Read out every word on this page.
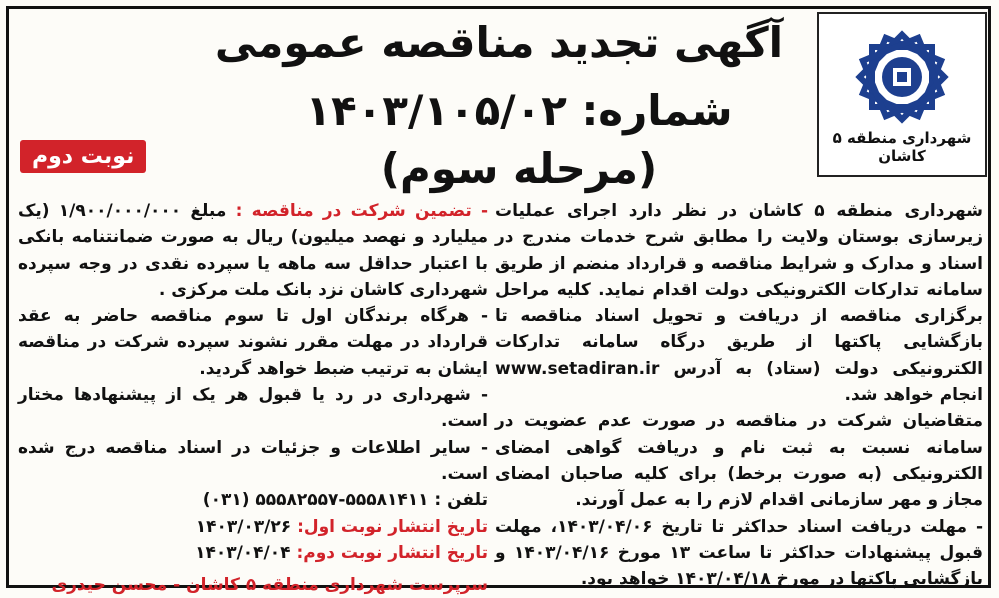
شهرداری منطقه ۵ کاشان
آگهی تجدید مناقصه عمومی
شماره: ۱۴۰۳/۱۰۵/۰۲ (مرحله سوم)
نوبت دوم

شهرداری منطقه ۵ کاشان در نظر دارد اجرای عملیات زیرسازی بوستان ولایت را مطابق شرح خدمات مندرج در اسناد و مدارک و شرایط مناقصه و قرارداد منضم از طریق سامانه تدارکات الکترونیکی دولت اقدام نماید. کلیه مراحل برگزاری مناقصه از دریافت و تحویل اسناد مناقصه تا بازگشایی پاکتها از طریق درگاه سامانه تدارکات الکترونیکی دولت (ستاد) به آدرس www.setadiran.ir انجام خواهد شد.

متقاضیان شرکت در مناقصه در صورت عدم عضویت در سامانه نسبت به ثبت نام و دریافت گواهی امضای الکترونیکی (به صورت برخط) برای کلیه صاحبان امضای مجاز و مهر سازمانی اقدام لازم را به عمل آورند.

- مهلت دریافت اسناد حداکثر تا تاریخ ۱۴۰۳/۰۴/۰۶، مهلت قبول پیشنهادات حداکثر تا ساعت ۱۳ مورخ ۱۴۰۳/۰۴/۱۶ و بازگشایی پاکتها در مورخ ۱۴۰۳/۰۴/۱۸ خواهد بود.

- تضمین شرکت در مناقصه : مبلغ ۱/۹۰۰/۰۰۰/۰۰۰ (یک میلیارد و نهصد میلیون) ریال به صورت ضمانتنامه بانکی با اعتبار حداقل سه ماهه یا سپرده نقدی در وجه سپرده شهرداری کاشان نزد بانک ملت مرکزی .

- هرگاه برندگان اول تا سوم مناقصه حاضر به عقد قرارداد در مهلت مقرر نشوند سپرده شرکت در مناقصه ایشان به ترتیب ضبط خواهد گردید.

- شهرداری در رد یا قبول هر یک از پیشنهادها مختار است.

- سایر اطلاعات و جزئیات در اسناد مناقصه درج شده است.

تلفن : ۵۵۵۸۱۴۱۱-۵۵۵۸۲۵۵۷ (۰۳۱)

تاریخ انتشار نوبت اول: ۱۴۰۳/۰۳/۲۶

تاریخ انتشار نوبت دوم: ۱۴۰۳/۰۴/۰۴

سرپرست شهرداری منطقه ۵ کاشان - محسن حیدری
